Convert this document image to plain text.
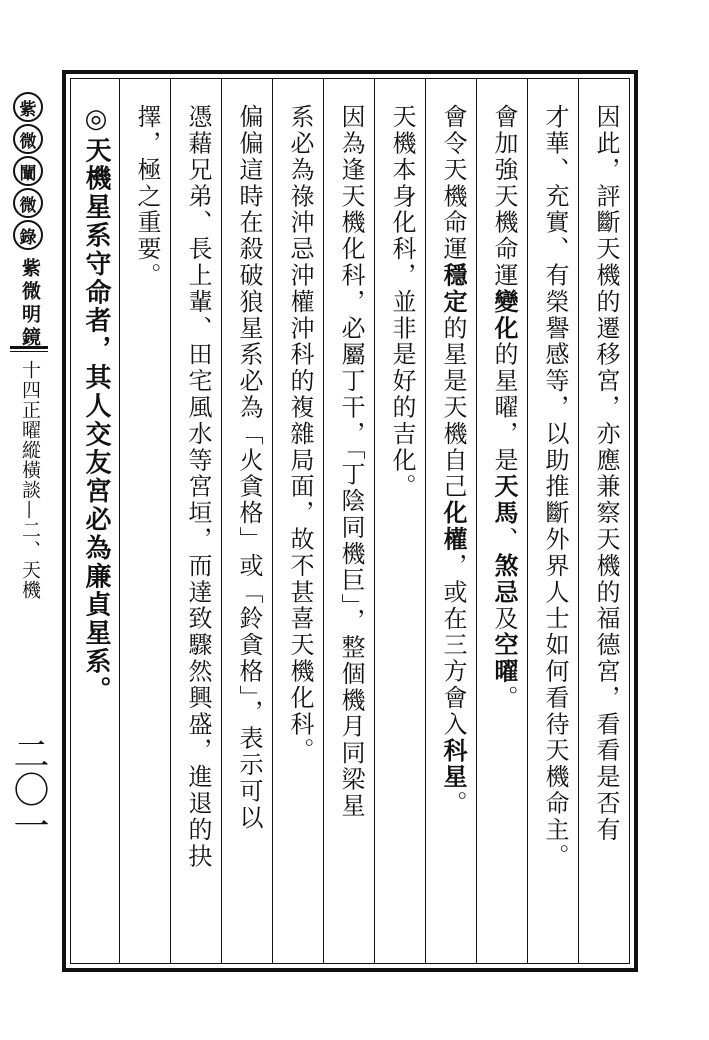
紫
微
闡
微
錄
紫微明鏡
十四正曜縱橫談—二、天機
二〇一	因此，評斷天機的遷移宮，亦應兼察天機的福德宮，看看是否有
才華、充實、有榮譽感等，以助推斷外界人士如何看待天機命主。
會加強天機命運變化的星曜，是天馬、煞忌及空曜。
會令天機命運穩定的星是天機自己化權，或在三方會入科星。
天機本身化科，並非是好的吉化。
因為逢天機化科，必屬丁干，「丁陰同機巨」，整個機月同梁星
系必為祿沖忌沖權沖科的複雜局面，故不甚喜天機化科。
偏偏這時在殺破狼星系必為「火貪格」或「鈴貪格」，表示可以
憑藉兄弟、長上輩、田宅風水等宮垣，而達致驟然興盛，進退的抉
擇，極之重要。
◎天機星系守命者，其人交友宮必為廉貞星系。
